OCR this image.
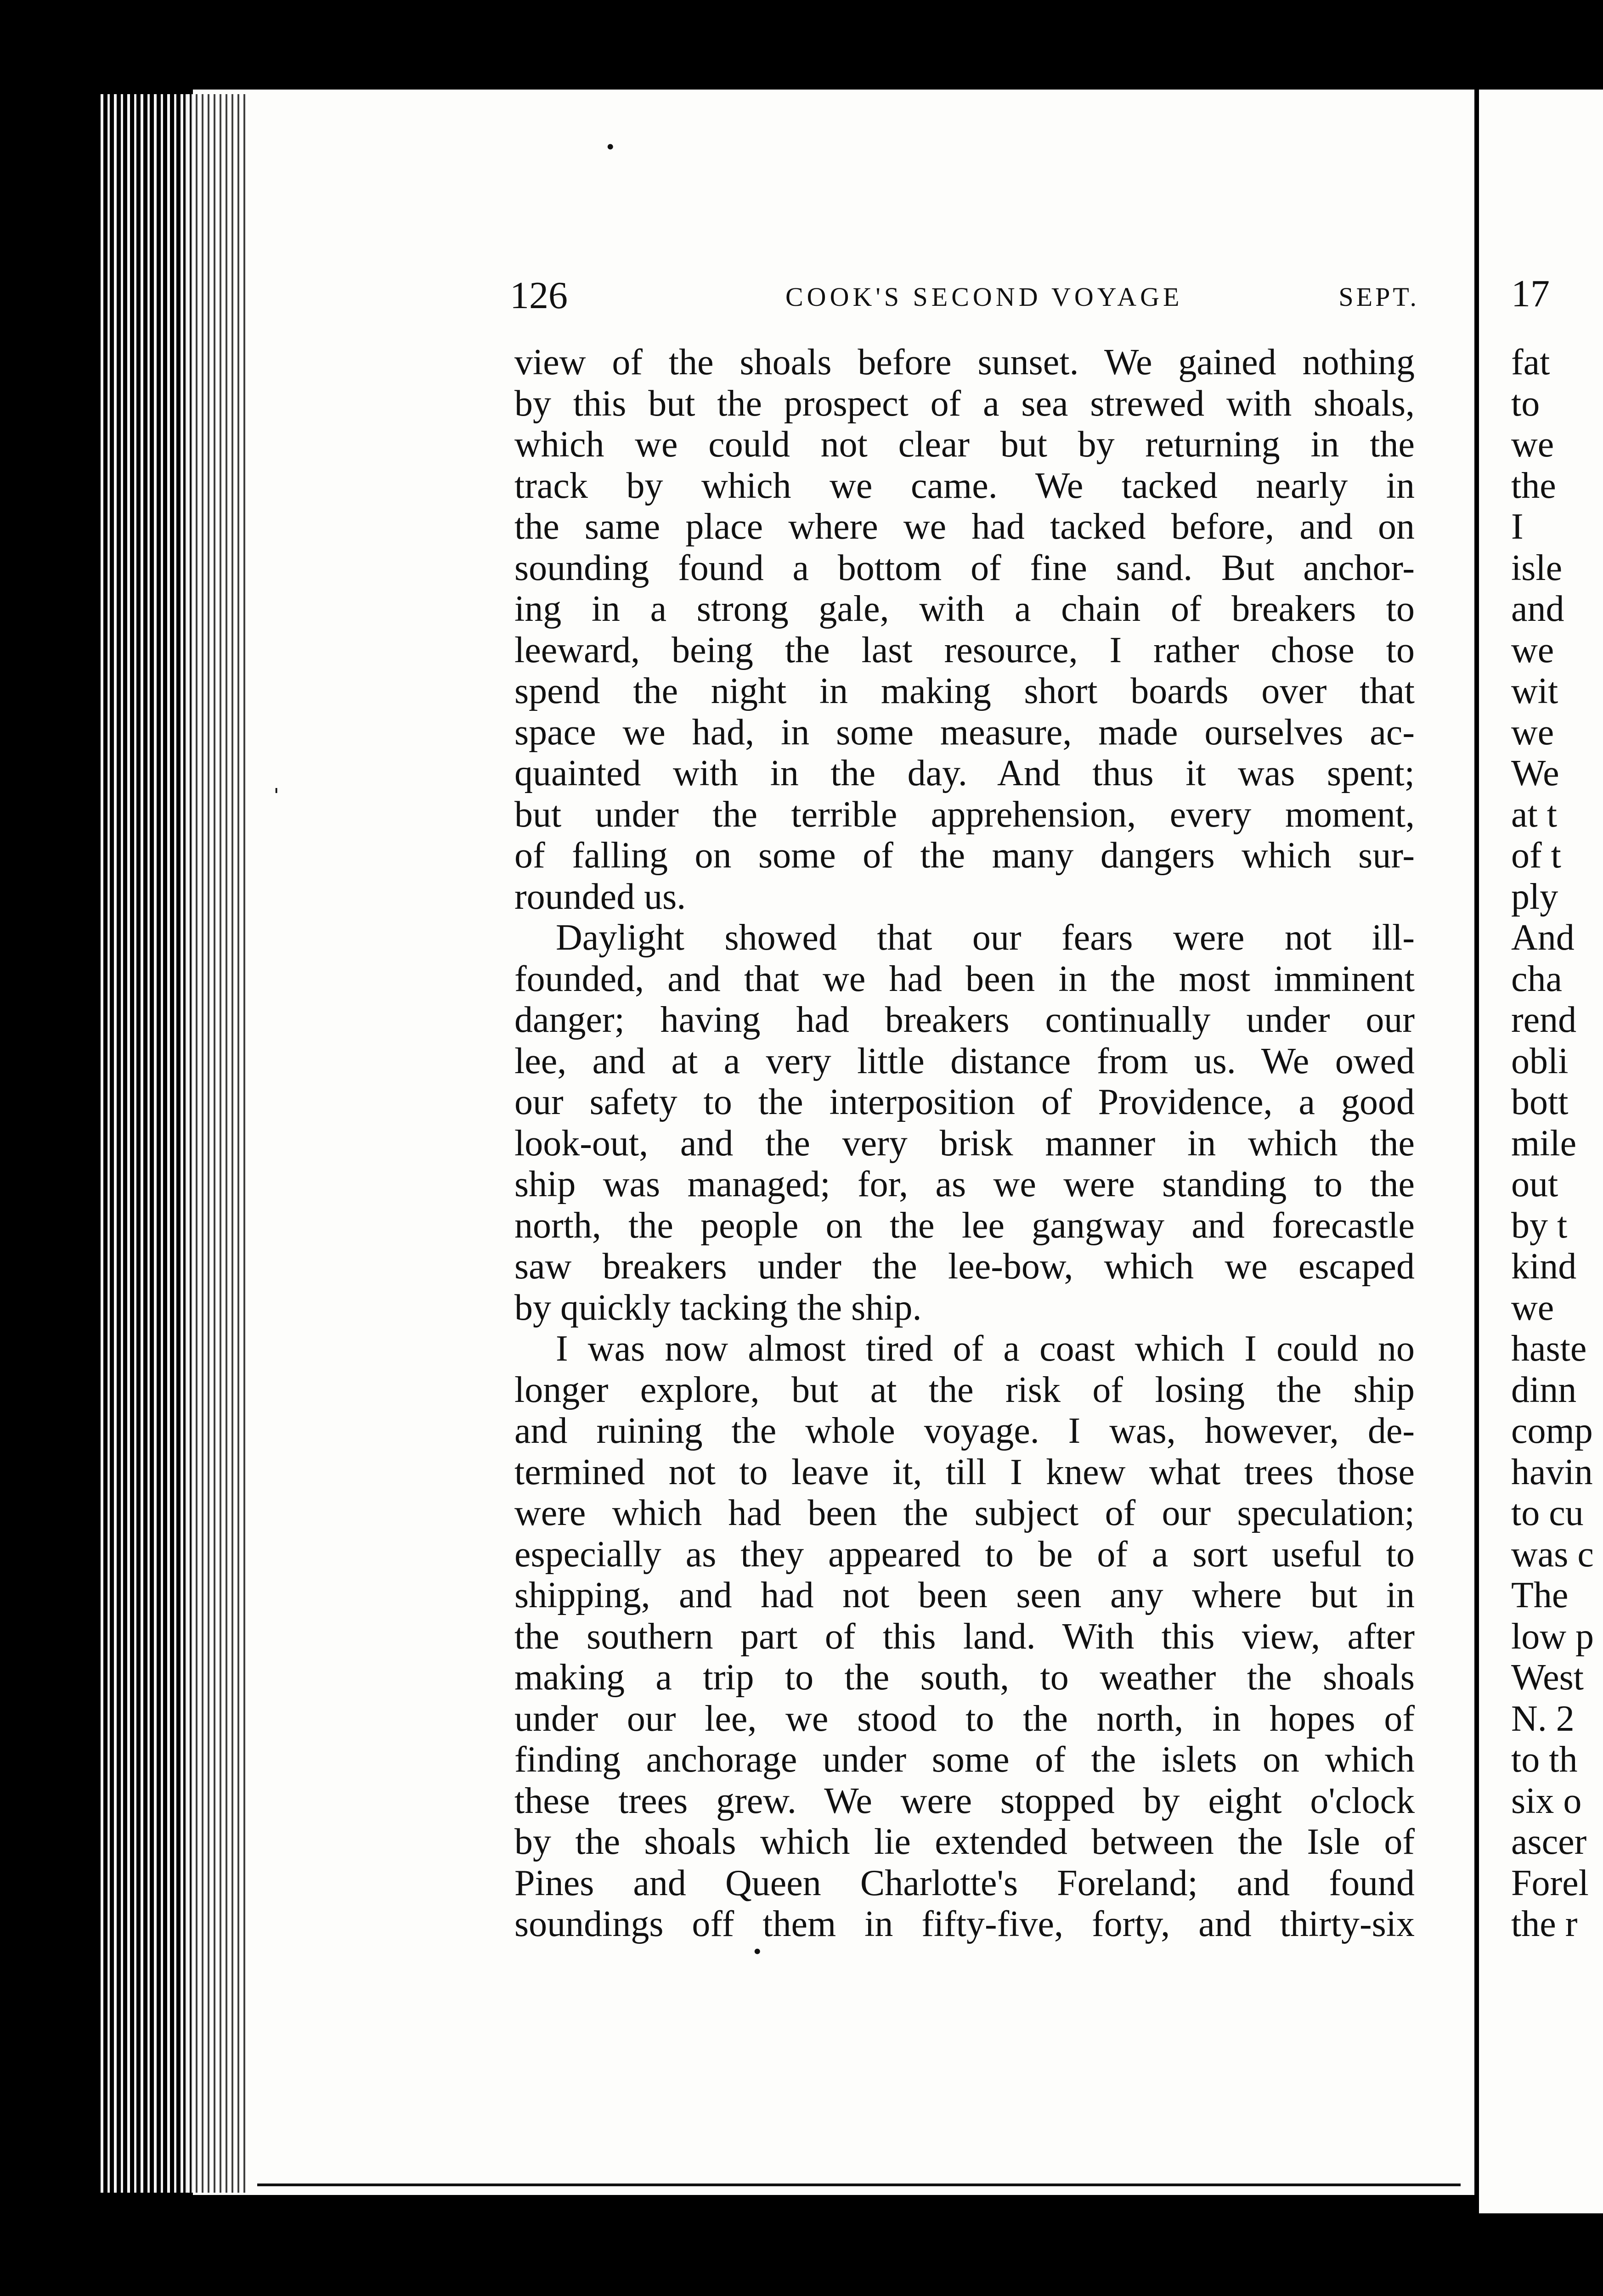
126	COOK'S SECOND VOYAGE	SEPT.
view of the shoals before sunset. We gained nothing
by this but the prospect of a sea strewed with shoals,
which we could not clear but by returning in the
track by which we came. We tacked nearly in
the same place where we had tacked before, and on
sounding found a bottom of fine sand. But anchor-
ing in a strong gale, with a chain of breakers to
leeward, being the last resource, I rather chose to
spend the night in making short boards over that
space we had, in some measure, made ourselves ac-
quainted with in the day. And thus it was spent;
but under the terrible apprehension, every moment,
of falling on some of the many dangers which sur-
rounded us.
Daylight showed that our fears were not ill-
founded, and that we had been in the most imminent
danger; having had breakers continually under our
lee, and at a very little distance from us. We owed
our safety to the interposition of Providence, a good
look-out, and the very brisk manner in which the
ship was managed; for, as we were standing to the
north, the people on the lee gangway and forecastle
saw breakers under the lee-bow, which we escaped
by quickly tacking the ship.
I was now almost tired of a coast which I could no
longer explore, but at the risk of losing the ship
and ruining the whole voyage. I was, however, de-
termined not to leave it, till I knew what trees those
were which had been the subject of our speculation;
especially as they appeared to be of a sort useful to
shipping, and had not been seen any where but in
the southern part of this land. With this view, after
making a trip to the south, to weather the shoals
under our lee, we stood to the north, in hopes of
finding anchorage under some of the islets on which
these trees grew. We were stopped by eight o'clock
by the shoals which lie extended between the Isle of
Pines and Queen Charlotte's Foreland; and found
soundings off them in fifty-five, forty, and thirty-six
17
fat
to
we
the
I
isle
and
we
wit
we
We
at t
of t
ply
And
cha
rend
obli
bott
mile
out
by t
kind
we
haste
dinn
comp
havin
to cu
was c
The
low p
West
N. 2
to th
six o
ascer
Forel
the r
•
ˌ
•
